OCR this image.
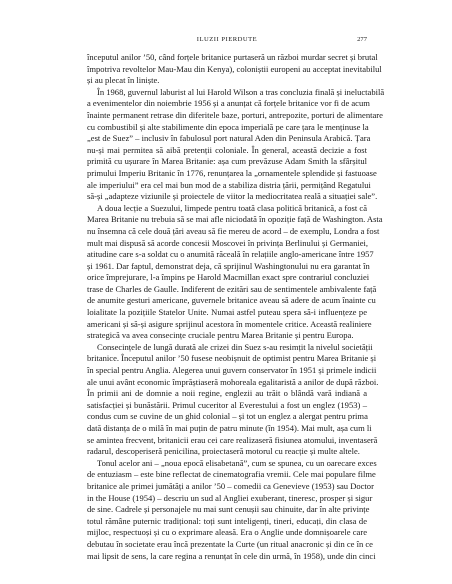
ILUZII PIERDUTE	277
începutul anilor ’50, când forțele britanice purtaseră un război murdar secret și brutal
împotriva revoltelor Mau-Mau din Kenya), coloniștii europeni au acceptat inevitabilul
și au plecat în liniște.
În 1968, guvernul laburist al lui Harold Wilson a tras concluzia finală și ineluctabilă
a evenimentelor din noiembrie 1956 și a anunțat că forțele britanice vor fi de acum
înainte permanent retrase din diferitele baze, porturi, antrepozite, porturi de alimentare
cu combustibil și alte stabilimente din epoca imperială pe care țara le menținuse la
„est de Suez” – inclusiv în fabulosul port natural Aden din Peninsula Arabică. Țara
nu-și mai permitea să aibă pretenții coloniale. În general, aceastã decizie a fost
primită cu ușurare în Marea Britanie: așa cum prevăzuse Adam Smith la sfârșitul
primului Imperiu Britanic în 1776, renunțarea la „ornamentele splendide și fastuoase
ale imperiului” era cel mai bun mod de a stabiliza distria țării, permițând Regatului
să-și „adapteze viziunile și proiectele de viitor la mediocritatea reală a situației sale”.
A doua lecție a Suezului, limpede pentru toată clasa politică britanică, a fost că
Marea Britanie nu trebuia să se mai afle niciodată în opoziție față de Washington. Asta
nu însemna că cele două țări aveau să fie mereu de acord – de exemplu, Londra a fost
mult mai dispusă să acorde concesii Moscovei în privința Berlinului și Germaniei,
atitudine care s-a soldat cu o anumită răceală în relațiile anglo-americane între 1957
și 1961. Dar faptul, demonstrat deja, că sprijinul Washingtonului nu era garantat în
orice împrejurare, l-a împins pe Harold Macmillan exact spre contrariul concluziei
trase de Charles de Gaulle. Indiferent de ezitări sau de sentimentele ambivalente față
de anumite gesturi americane, guvernele britanice aveau să adere de acum înainte cu
loialitate la pozițiile Statelor Unite. Numai astfel puteau spera să-i influențeze pe
americani și să-și asigure sprijinul acestora în momentele critice. Această realiniere
strategică va avea consecințe cruciale pentru Marea Britanie și pentru Europa.
Consecințele de lungă durată ale crizei din Suez s-au resimțit la nivelul societății
britanice. Începutul anilor ’50 fusese neobișnuit de optimist pentru Marea Britanie și
în special pentru Anglia. Alegerea unui guvern conservator în 1951 și primele indicii
ale unui avânt economic împrăștiaseră mohoreala egalitaristă a anilor de după război.
În primii ani de domnie a noii regine, englezii au trăit o blândă vară indiană a
satisfacției și bunăstării. Primul cuceritor al Everestului a fost un englez (1953) –
condus cum se cuvine de un ghid colonial – și tot un englez a alergat pentru prima
dată distanța de o milă în mai puțin de patru minute (în 1954). Mai mult, așa cum li
se amintea frecvent, britanicii erau cei care realizaseră fisiunea atomului, inventaseră
radarul, descoperiseră penicilina, proiectaseră motorul cu reacție și multe altele.
Tonul acelor ani – „noua epocă elisabetană”, cum se spunea, cu un oarecare exces
de entuziasm – este bine reflectat de cinematografia vremii. Cele mai populare filme
britanice ale primei jumătăți a anilor ’50 – comedii ca Genevieve (1953) sau Doctor
in the House (1954) – descriu un sud al Angliei exuberant, tineresc, prosper și sigur
de sine. Cadrele și personajele nu mai sunt cenușii sau chinuite, dar în alte privințe
totul rămâne puternic tradițional: toți sunt inteligenți, tineri, educați, din clasa de
mijloc, respectuoși și cu o exprimare aleasă. Era o Anglie unde domnișoarele care
debutau în societate erau încă prezentate la Curte (un ritual anacronic și din ce în ce
mai lipsit de sens, la care regina a renunțat în cele din urmă, în 1958), unde din cinci
